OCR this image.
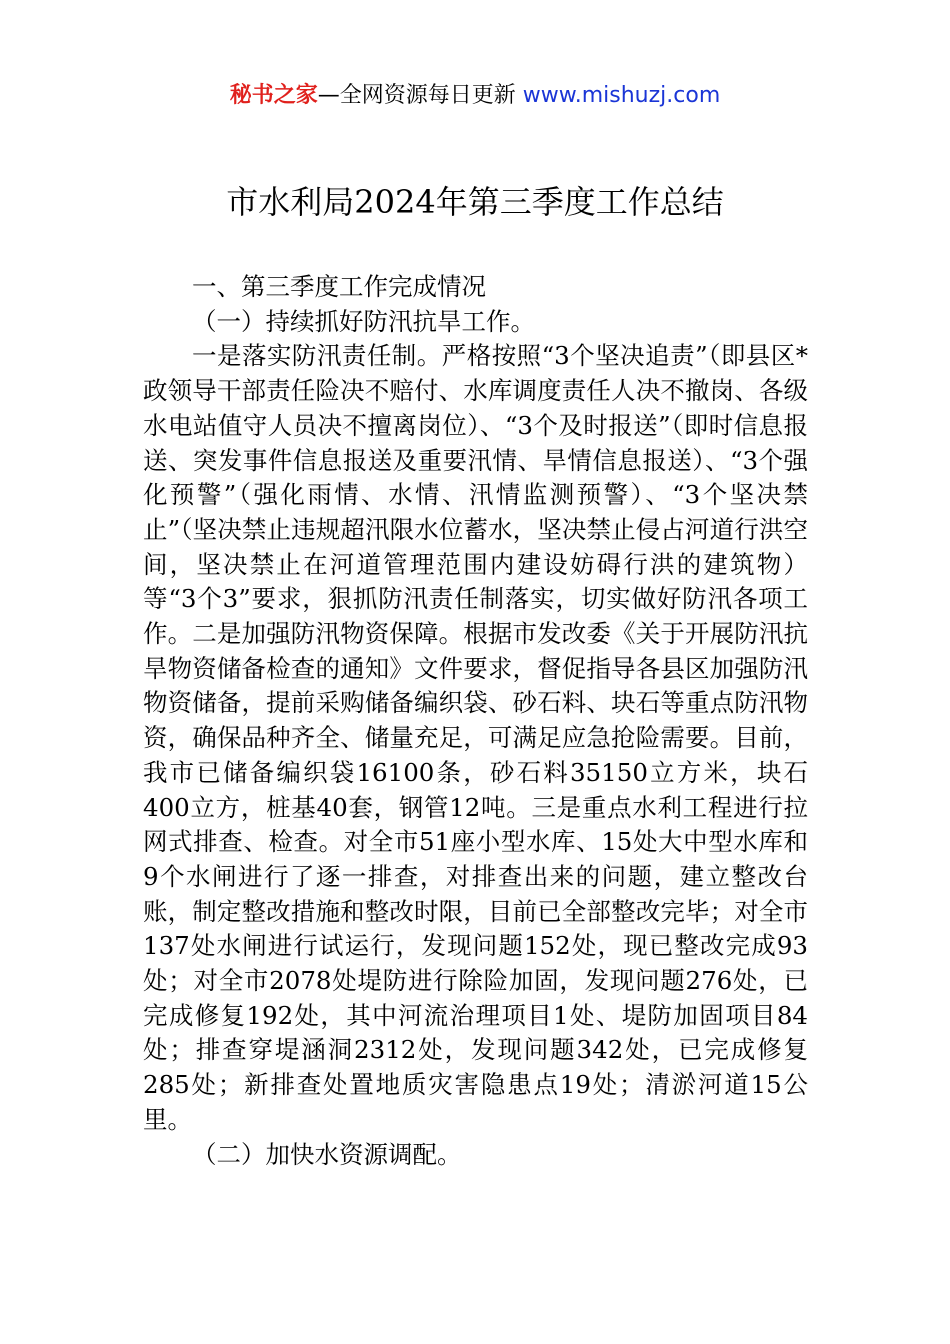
秘书之家—全网资源每日更新 www.mishuzj.com
市水利局2024年第三季度工作总结

一、第三季度工作完成情况

（一）持续抓好防汛抗旱工作。

一是落实防汛责任制。严格按照“3个坚决追责”（即县区*政领导干部责任险决不赔付、水库调度责任人决不撤岗、各级水电站值守人员决不擅离岗位）、“3个及时报送”（即时信息报送、突发事件信息报送及重要汛情、旱情信息报送）、“3个强化预警”（强化雨情、水情、汛情监测预警）、“3个坚决禁止”（坚决禁止违规超汛限水位蓄水，坚决禁止侵占河道行洪空间，坚决禁止在河道管理范围内建设妨碍行洪的建筑物）等“3个3”要求，狠抓防汛责任制落实，切实做好防汛各项工作。二是加强防汛物资保障。根据市发改委《关于开展防汛抗旱物资储备检查的通知》文件要求，督促指导各县区加强防汛物资储备，提前采购储备编织袋、砂石料、块石等重点防汛物资，确保品种齐全、储量充足，可满足应急抢险需要。目前，我市已储备编织袋16100条，砂石料35150立方米，块石400立方，桩基40套，钢管12吨。三是重点水利工程进行拉网式排查、检查。对全市51座小型水库、15处大中型水库和9个水闸进行了逐一排查，对排查出来的问题，建立整改台账，制定整改措施和整改时限，目前已全部整改完毕；对全市137处水闸进行试运行，发现问题152处，现已整改完成93处；对全市2078处堤防进行除险加固，发现问题276处，已完成修复192处，其中河流治理项目1处、堤防加固项目84处；排查穿堤涵洞2312处，发现问题342处，已完成修复285处；新排查处置地质灾害隐患点19处；清淤河道15公里。

（二）加快水资源调配。
